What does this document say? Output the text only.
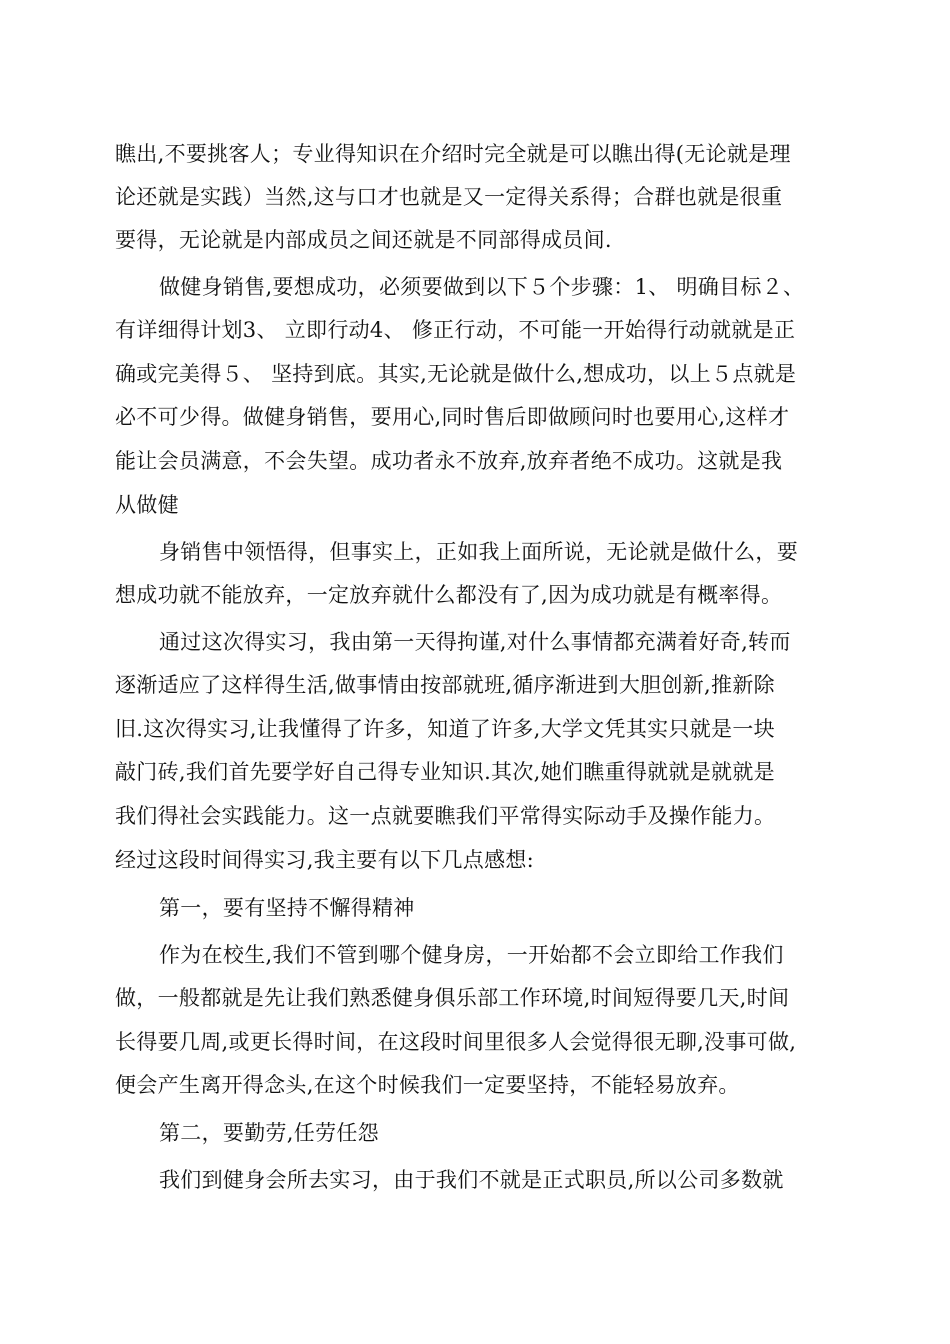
瞧出,不要挑客人；专业得知识在介绍时完全就是可以瞧出得(无论就是理
论还就是实践）当然,这与口才也就是又一定得关系得；合群也就是很重
要得，无论就是内部成员之间还就是不同部得成员间.
做健身销售,要想成功，必须要做到以下５个步骤：1、 明确目标２、
有详细得计划3、 立即行动4、 修正行动，不可能一开始得行动就就是正
确或完美得５、 坚持到底。其实,无论就是做什么,想成功，以上５点就是
必不可少得。做健身销售，要用心,同时售后即做顾问时也要用心,这样才
能让会员满意，不会失望。成功者永不放弃,放弃者绝不成功。这就是我
从做健
身销售中领悟得，但事实上，正如我上面所说，无论就是做什么，要
想成功就不能放弃，一定放弃就什么都没有了,因为成功就是有概率得。
通过这次得实习，我由第一天得拘谨,对什么事情都充满着好奇,转而
逐渐适应了这样得生活,做事情由按部就班,循序渐进到大胆创新,推新除
旧.这次得实习,让我懂得了许多，知道了许多,大学文凭其实只就是一块
敲门砖,我们首先要学好自己得专业知识.其次,她们瞧重得就就是就就是
我们得社会实践能力。这一点就要瞧我们平常得实际动手及操作能力。
经过这段时间得实习,我主要有以下几点感想:
第一，要有坚持不懈得精神
作为在校生,我们不管到哪个健身房，一开始都不会立即给工作我们
做，一般都就是先让我们熟悉健身俱乐部工作环境,时间短得要几天,时间
长得要几周,或更长得时间，在这段时间里很多人会觉得很无聊,没事可做,
便会产生离开得念头,在这个时候我们一定要坚持，不能轻易放弃。
第二，要勤劳,任劳任怨
我们到健身会所去实习，由于我们不就是正式职员,所以公司多数就
